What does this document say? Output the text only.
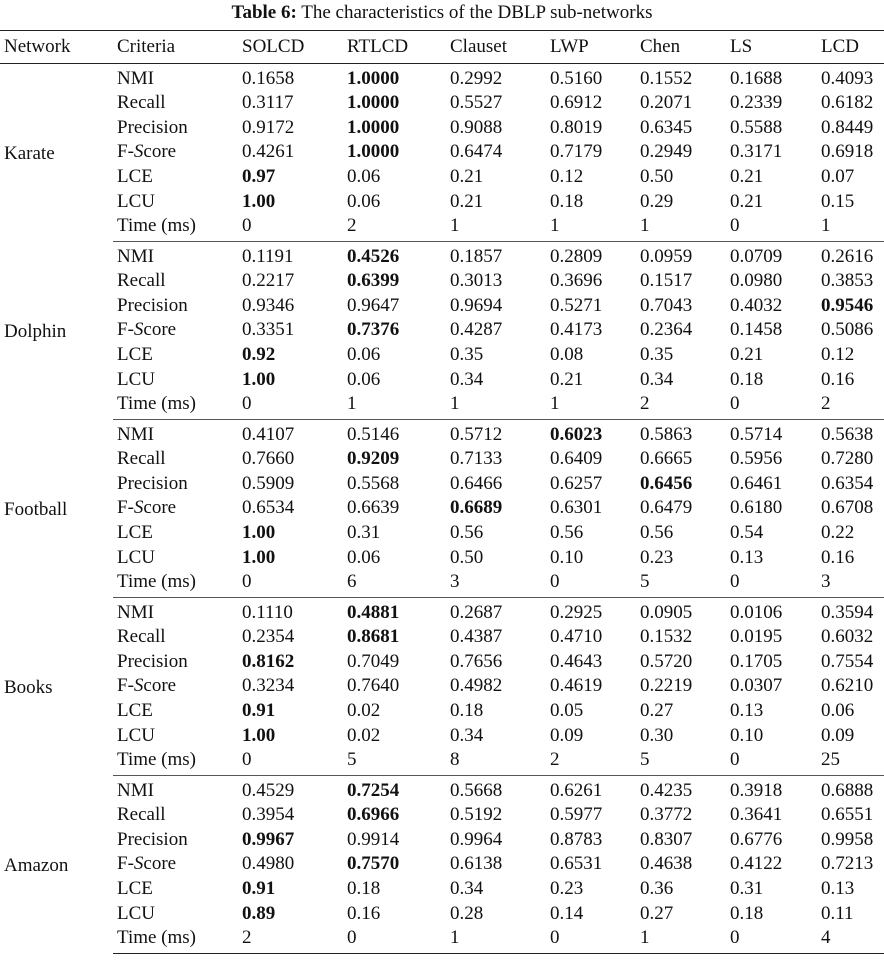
Table 6: The characteristics of the DBLP sub-networks
Network	Criteria	SOLCD	RTLCD	Clauset	LWP	Chen	LS	LCD
Karate	NMI	0.1658	1.0000	0.2992	0.5160	0.1552	0.1688	0.4093
	Recall	0.3117	1.0000	0.5527	0.6912	0.2071	0.2339	0.6182
	Precision	0.9172	1.0000	0.9088	0.8019	0.6345	0.5588	0.8449
	F-Score	0.4261	1.0000	0.6474	0.7179	0.2949	0.3171	0.6918
	LCE	0.97	0.06	0.21	0.12	0.50	0.21	0.07
	LCU	1.00	0.06	0.21	0.18	0.29	0.21	0.15
	Time (ms)	0	2	1	1	1	0	1
Dolphin	NMI	0.1191	0.4526	0.1857	0.2809	0.0959	0.0709	0.2616
	Recall	0.2217	0.6399	0.3013	0.3696	0.1517	0.0980	0.3853
	Precision	0.9346	0.9647	0.9694	0.5271	0.7043	0.4032	0.9546
	F-Score	0.3351	0.7376	0.4287	0.4173	0.2364	0.1458	0.5086
	LCE	0.92	0.06	0.35	0.08	0.35	0.21	0.12
	LCU	1.00	0.06	0.34	0.21	0.34	0.18	0.16
	Time (ms)	0	1	1	1	2	0	2
Football	NMI	0.4107	0.5146	0.5712	0.6023	0.5863	0.5714	0.5638
	Recall	0.7660	0.9209	0.7133	0.6409	0.6665	0.5956	0.7280
	Precision	0.5909	0.5568	0.6466	0.6257	0.6456	0.6461	0.6354
	F-Score	0.6534	0.6639	0.6689	0.6301	0.6479	0.6180	0.6708
	LCE	1.00	0.31	0.56	0.56	0.56	0.54	0.22
	LCU	1.00	0.06	0.50	0.10	0.23	0.13	0.16
	Time (ms)	0	6	3	0	5	0	3
Books	NMI	0.1110	0.4881	0.2687	0.2925	0.0905	0.0106	0.3594
	Recall	0.2354	0.8681	0.4387	0.4710	0.1532	0.0195	0.6032
	Precision	0.8162	0.7049	0.7656	0.4643	0.5720	0.1705	0.7554
	F-Score	0.3234	0.7640	0.4982	0.4619	0.2219	0.0307	0.6210
	LCE	0.91	0.02	0.18	0.05	0.27	0.13	0.06
	LCU	1.00	0.02	0.34	0.09	0.30	0.10	0.09
	Time (ms)	0	5	8	2	5	0	25
Amazon	NMI	0.4529	0.7254	0.5668	0.6261	0.4235	0.3918	0.6888
	Recall	0.3954	0.6966	0.5192	0.5977	0.3772	0.3641	0.6551
	Precision	0.9967	0.9914	0.9964	0.8783	0.8307	0.6776	0.9958
	F-Score	0.4980	0.7570	0.6138	0.6531	0.4638	0.4122	0.7213
	LCE	0.91	0.18	0.34	0.23	0.36	0.31	0.13
	LCU	0.89	0.16	0.28	0.14	0.27	0.18	0.11
	Time (ms)	2	0	1	0	1	0	4
